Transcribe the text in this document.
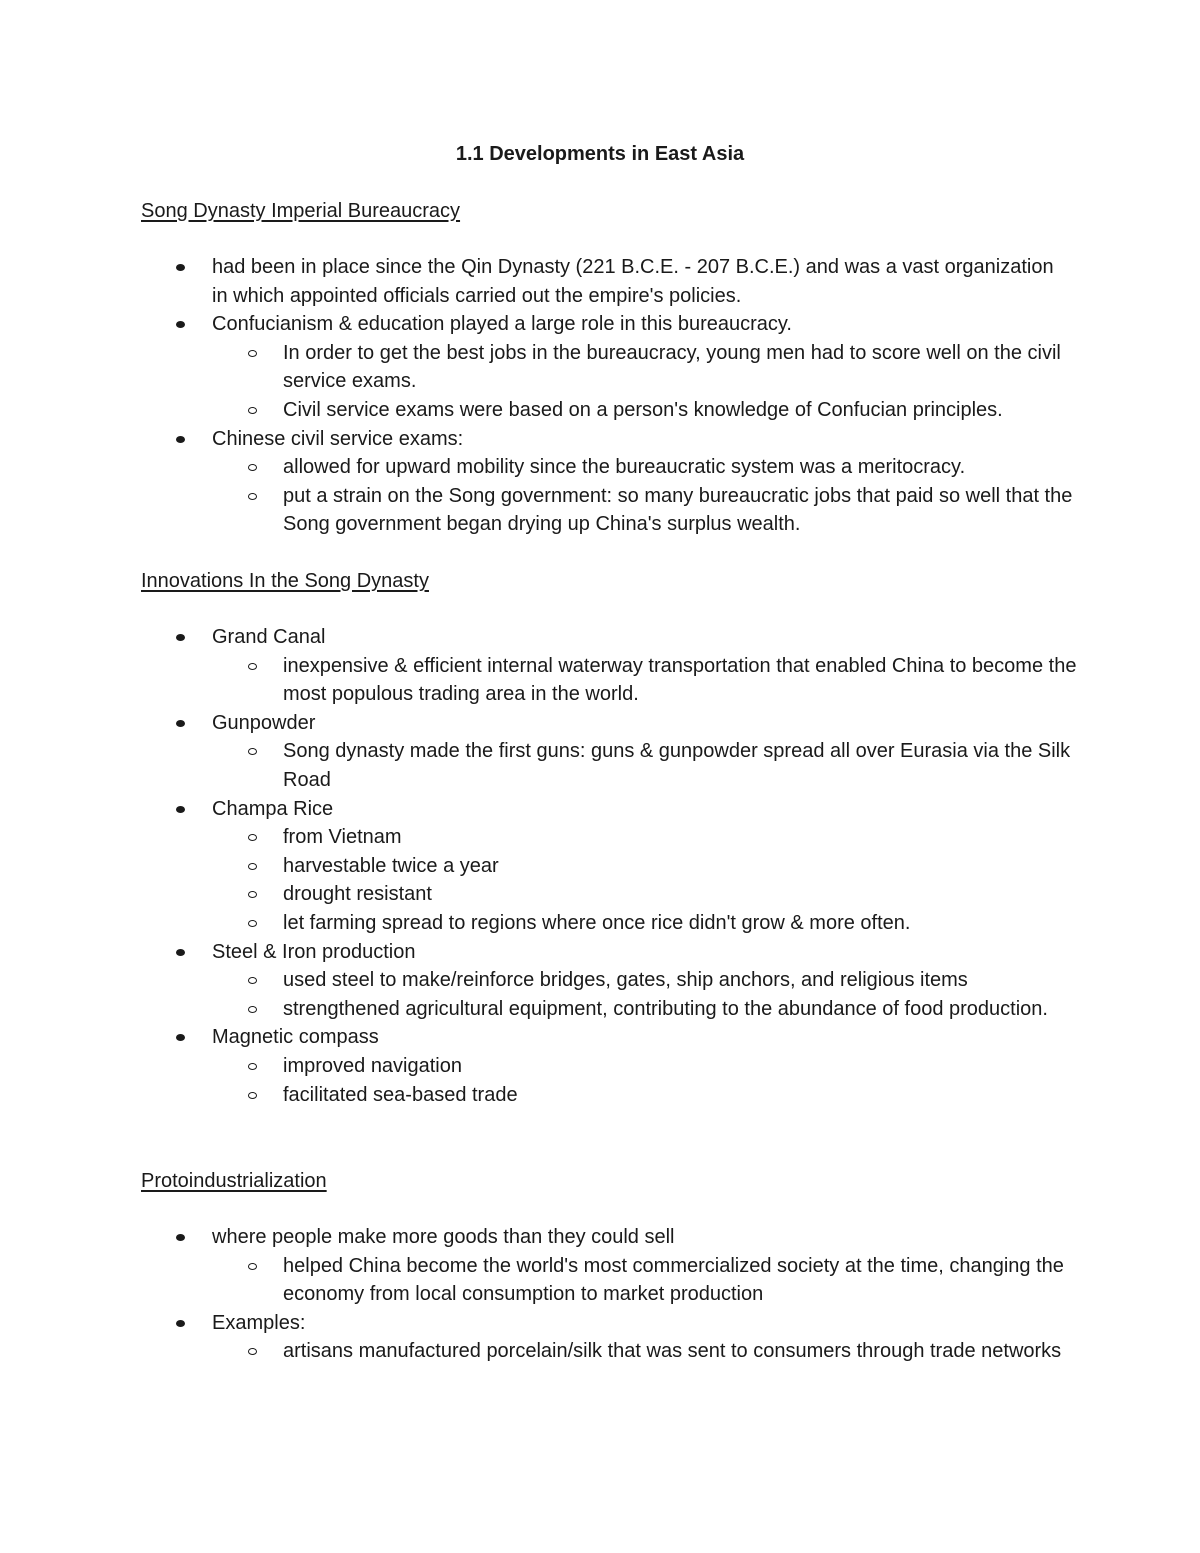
1.1 Developments in East Asia
Song Dynasty Imperial Bureaucracy
had been in place since the Qin Dynasty (221 B.C.E. - 207 B.C.E.) and was a vast organization in which appointed officials carried out the empire's policies.
Confucianism & education played a large role in this bureaucracy.
In order to get the best jobs in the bureaucracy, young men had to score well on the civil service exams.
Civil service exams were based on a person's knowledge of Confucian principles.
Chinese civil service exams:
allowed for upward mobility since the bureaucratic system was a meritocracy.
put a strain on the Song government: so many bureaucratic jobs that paid so well that the Song government began drying up China's surplus wealth.
Innovations In the Song Dynasty
Grand Canal
inexpensive & efficient internal waterway transportation that enabled China to become the most populous trading area in the world.
Gunpowder
Song dynasty made the first guns: guns & gunpowder spread all over Eurasia via the Silk Road
Champa Rice
from Vietnam
harvestable twice a year
drought resistant
let farming spread to regions where once rice didn't grow & more often.
Steel & Iron production
used steel to make/reinforce bridges, gates, ship anchors, and religious items
strengthened agricultural equipment, contributing to the abundance of food production.
Magnetic compass
improved navigation
facilitated sea-based trade
Protoindustrialization
where people make more goods than they could sell
helped China become the world's most commercialized society at the time, changing the economy from local consumption to market production
Examples:
artisans manufactured porcelain/silk that was sent to consumers through trade networks
